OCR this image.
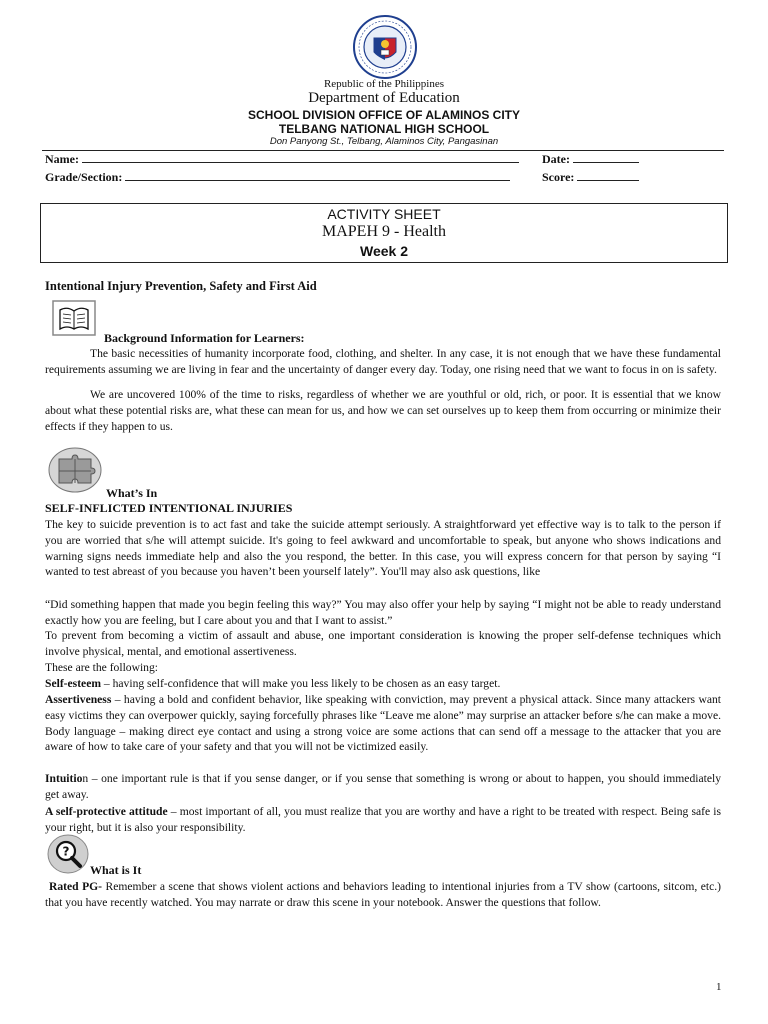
Republic of the Philippines
Department of Education
SCHOOL DIVISION OFFICE OF ALAMINOS CITY
TELBANG NATIONAL HIGH SCHOOL
Don Panyong St., Telbang, Alaminos City, Pangasinan
Name:	Date:
Grade/Section:	Score:
ACTIVITY SHEET
MAPEH 9 - Health
Week 2
Intentional Injury Prevention, Safety and First Aid
Background Information for Learners:
The basic necessities of humanity incorporate food, clothing, and shelter. In any case, it is not enough that we have these fundamental requirements assuming we are living in fear and the uncertainty of danger every day. Today, one rising need that we want to focus in on is safety.
We are uncovered 100% of the time to risks, regardless of whether we are youthful or old, rich, or poor. It is essential that we know about what these potential risks are, what these can mean for us, and how we can set ourselves up to keep them from occurring or minimize their effects if they happen to us.
What’s In
SELF-INFLICTED INTENTIONAL INJURIES
The key to suicide prevention is to act fast and take the suicide attempt seriously. A straightforward yet effective way is to talk to the person if you are worried that s/he will attempt suicide. It's going to feel awkward and uncomfortable to speak, but anyone who shows indications and warning signs needs immediate help and also the you respond, the better. In this case, you will express concern for that person by saying “I wanted to test abreast of you because you haven’t been yourself lately”. You'll may also ask questions, like
“Did something happen that made you begin feeling this way?” You may also offer your help by saying “I might not be able to ready understand exactly how you are feeling, but I care about you and that I want to assist.”
To prevent from becoming a victim of assault and abuse, one important consideration is knowing the proper self-defense techniques which involve physical, mental, and emotional assertiveness.
These are the following:
Self-esteem – having self-confidence that will make you less likely to be chosen as an easy target.
Assertiveness – having a bold and confident behavior, like speaking with conviction, may prevent a physical attack. Since many attackers want easy victims they can overpower quickly, saying forcefully phrases like “Leave me alone” may surprise an attacker before s/he can make a move. Body language – making direct eye contact and using a strong voice are some actions that can send off a message to the attacker that you are aware of how to take care of your safety and that you will not be victimized easily.
Intuition – one important rule is that if you sense danger, or if you sense that something is wrong or about to happen, you should immediately get away.
A self-protective attitude – most important of all, you must realize that you are worthy and have a right to be treated with respect. Being safe is your right, but it is also your responsibility.
?
What is It
Rated PG- Remember a scene that shows violent actions and behaviors leading to intentional injuries from a TV show (cartoons, sitcom, etc.) that you have recently watched. You may narrate or draw this scene in your notebook. Answer the questions that follow.
1
